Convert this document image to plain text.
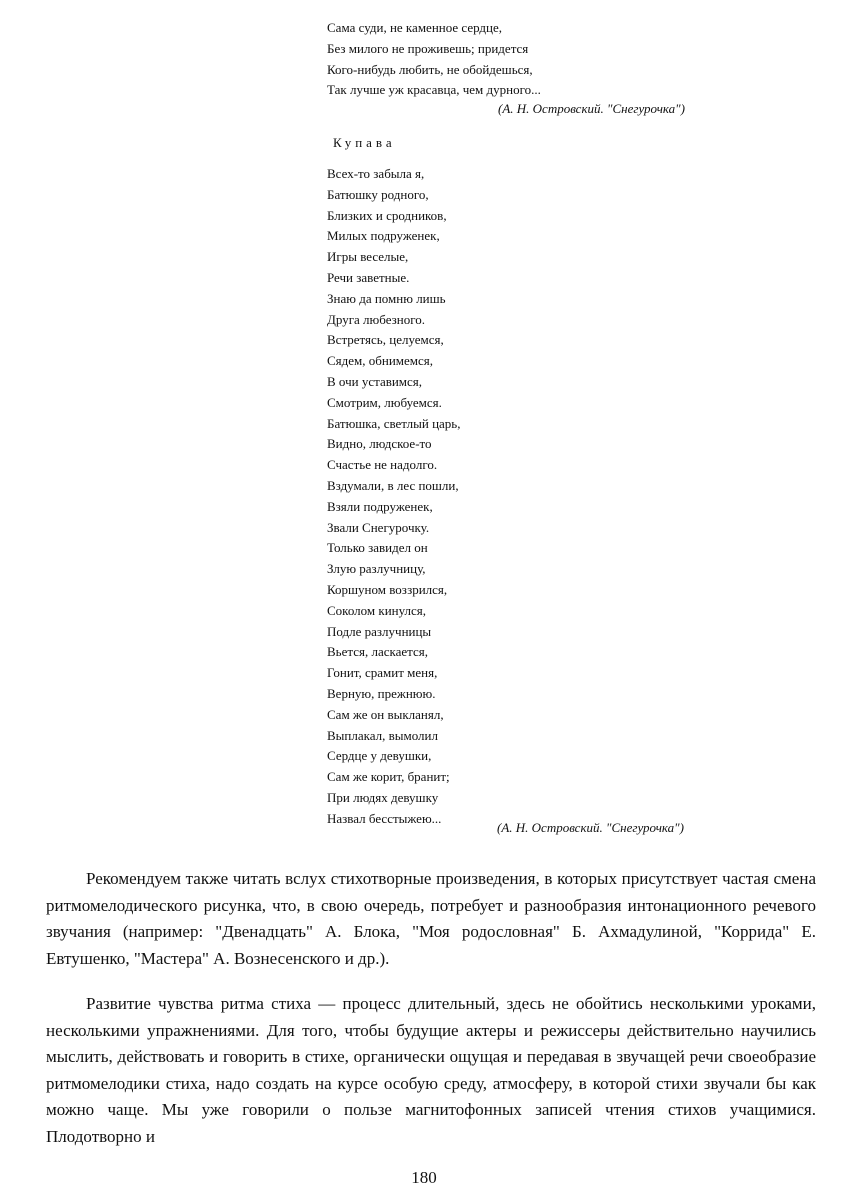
Сама суди, не каменное сердце,
Без милого не проживешь; придется
Кого-нибудь любить, не обойдешься,
Так лучше уж красавца, чем дурного...
(А. Н. Островский. "Снегурочка")
Купава
Всех-то забыла я,
Батюшку родного,
Близких и сродников,
Милых подруженек,
Игры веселые,
Речи заветные.
Знаю да помню лишь
Друга любезного.
Встретясь, целуемся,
Сядем, обнимемся,
В очи уставимся,
Смотрим, любуемся.
Батюшка, светлый царь,
Видно, людское-то
Счастье не надолго.
Вздумали, в лес пошли,
Взяли подруженек,
Звали Снегурочку.
Только завидел он
Злую разлучницу,
Коршуном воззрился,
Соколом кинулся,
Подле разлучницы
Вьется, ласкается,
Гонит, срамит меня,
Верную, прежнюю.
Сам же он выкланял,
Выплакал, вымолил
Сердце у девушки,
Сам же корит, бранит;
При людях девушку
Назвал бесстыжею...
(А. Н. Островский. "Снегурочка")

Рекомендуем также читать вслух стихотворные произведения, в которых присутствует частая смена ритмомелодического рисунка, что, в свою очередь, потребует и разнообразия интонационного речевого звучания (например: "Двенадцать" А. Блока, "Моя родословная" Б. Ахмадулиной, "Коррида" Е. Евтушенко, "Мастера" А. Вознесенского и др.).

Развитие чувства ритма стиха — процесс длительный, здесь не обойтись несколькими уроками, несколькими упражнениями. Для того, чтобы будущие актеры и режиссеры действительно научились мыслить, действовать и говорить в стихе, органически ощущая и передавая в звучащей речи своеобразие ритмомелодики стиха, надо создать на курсе особую среду, атмосферу, в которой стихи звучали бы как можно чаще. Мы уже говорили о пользе магнитофонных записей чтения стихов учащимися. Плодотворно и

180
